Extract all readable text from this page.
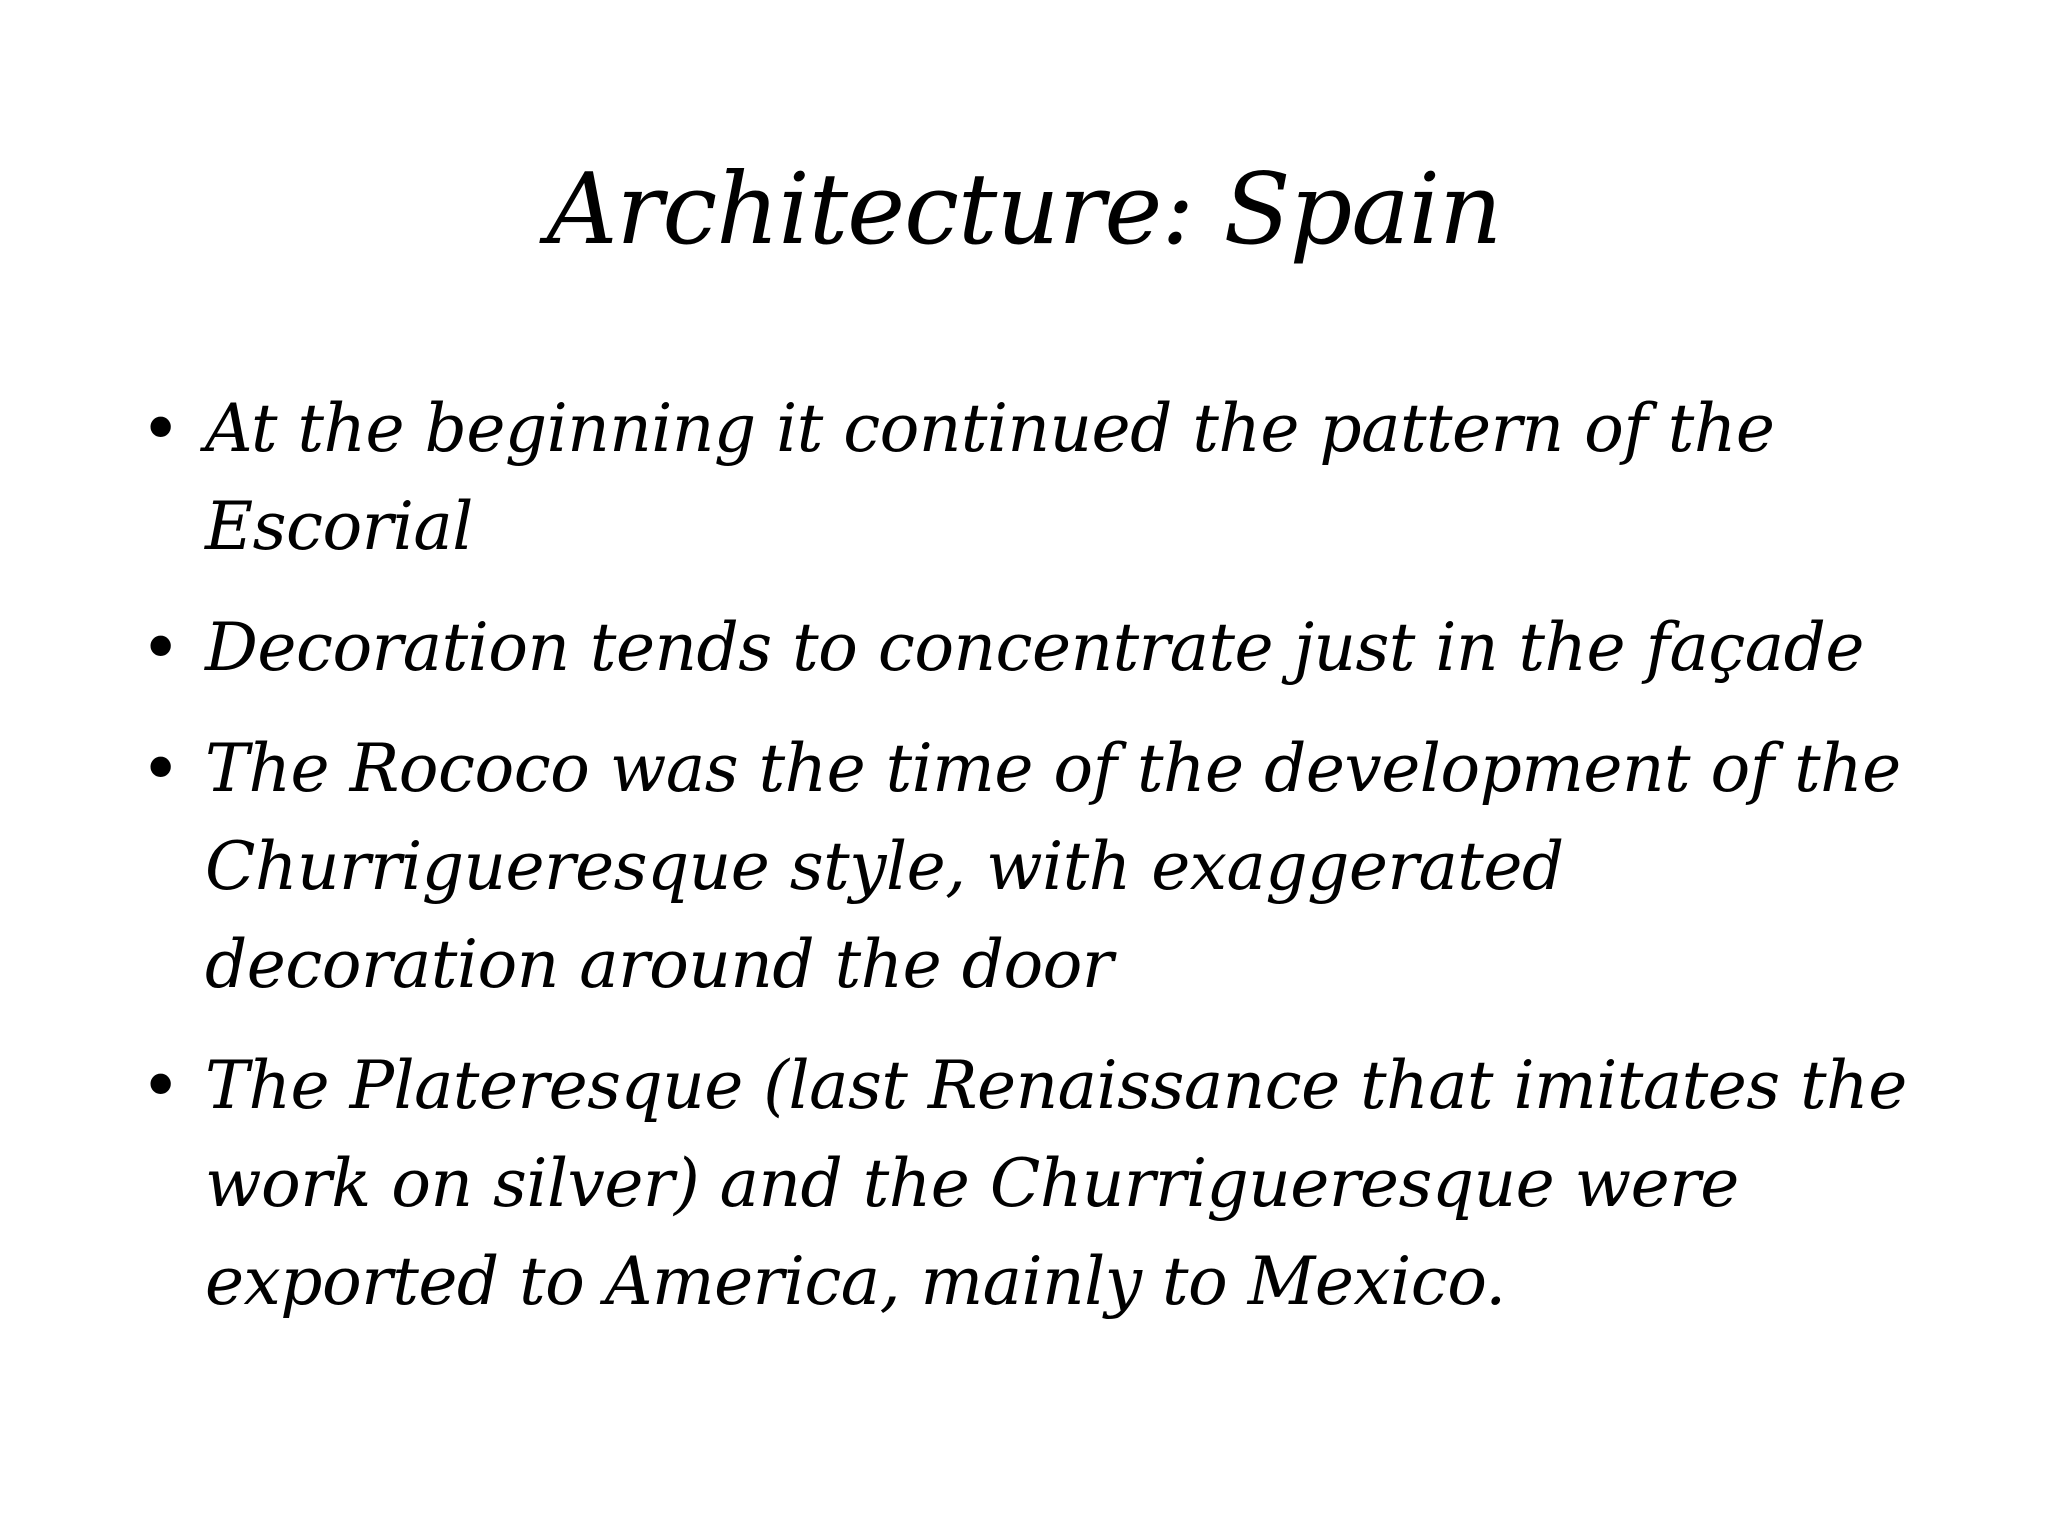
Architecture: Spain
• At the beginning it continued the pattern of the Escorial
• Decoration tends to concentrate just in the façade
• The Rococo was the time of the development of the Churrigueresque style, with exaggerated decoration around the door
• The Plateresque (last Renaissance that imitates the work on silver) and the Churrigueresque were exported to America, mainly to Mexico.
